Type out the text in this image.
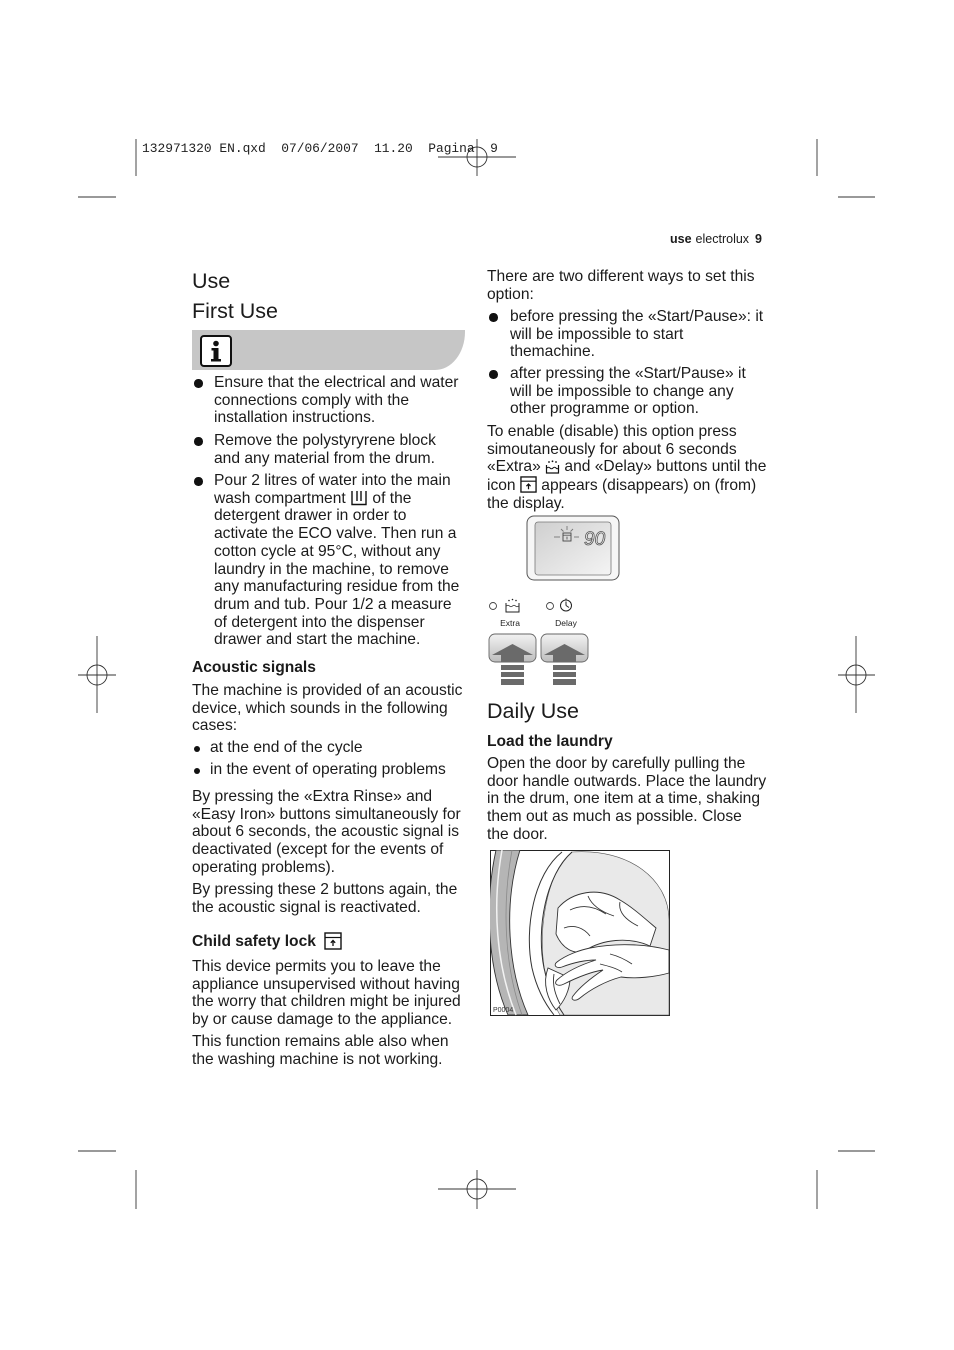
132971320 EN.qxd  07/06/2007  11.20  Pagina  9
use electrolux 9
Use
First Use
Ensure that the electrical and water
connections comply with the
installation instructions.
Remove the polystyryrene block
and any material from the drum.
Pour 2 litres of water into the main
wash compartment  of the
detergent drawer in order to
activate the ECO valve. Then run a
cotton cycle at 95°C, without any
laundry in the machine, to remove
any manufacturing residue from the
drum and tub. Pour 1/2 a measure
of detergent into the dispenser
drawer and start the machine.
Acoustic signals
The machine is provided of an acoustic
device, which sounds in the following
cases:
at the end of the cycle
in the event of operating problems
By pressing the «Extra Rinse» and
«Easy Iron» buttons simultaneously for
about 6 seconds, the acoustic signal is
deactivated (except for the events of
operating problems).
By pressing these 2 buttons again, the
the acoustic signal is reactivated.
Child safety lock
This device permits you to leave the
appliance unsupervised without having
the worry that children might be injured
by or cause damage to the appliance.
This function remains able also when
the washing machine is not working.
There are two different ways to set this
option:
before pressing the «Start/Pause»: it
will be impossible to start
themachine.
after pressing the «Start/Pause» it
will be impossible to change any
other programme or option.
To enable (disable) this option press
simoutaneously for about 6 seconds
«Extra»  and «Delay» buttons until the
icon  appears (disappears) on (from)
the display.
90
Extra	Delay
Daily Use
Load the laundry
Open the door by carefully pulling the
door handle outwards. Place the laundry
in the drum, one item at a time, shaking
them out as much as possible. Close
the door.
P0004
